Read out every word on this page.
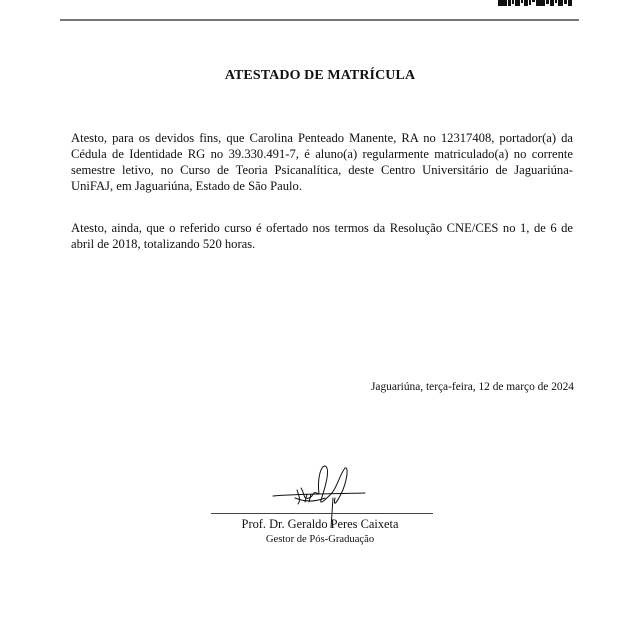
ATESTADO DE MATRÍCULA

Atesto, para os devidos fins, que Carolina Penteado Manente, RA no 12317408, portador(a) da Cédula de Identidade RG no 39.330.491-7, é aluno(a) regularmente matriculado(a) no corrente semestre letivo, no Curso de Teoria Psicanalítica, deste Centro Universitário de Jaguariúna- UniFAJ, em Jaguariúna, Estado de São Paulo.

Atesto, ainda, que o referido curso é ofertado nos termos da Resolução CNE/CES no 1, de 6 de abril de 2018, totalizando 520 horas.

Jaguariúna, terça-feira, 12 de março de 2024
Prof. Dr. Geraldo Peres Caixeta
Gestor de Pós-Graduação
